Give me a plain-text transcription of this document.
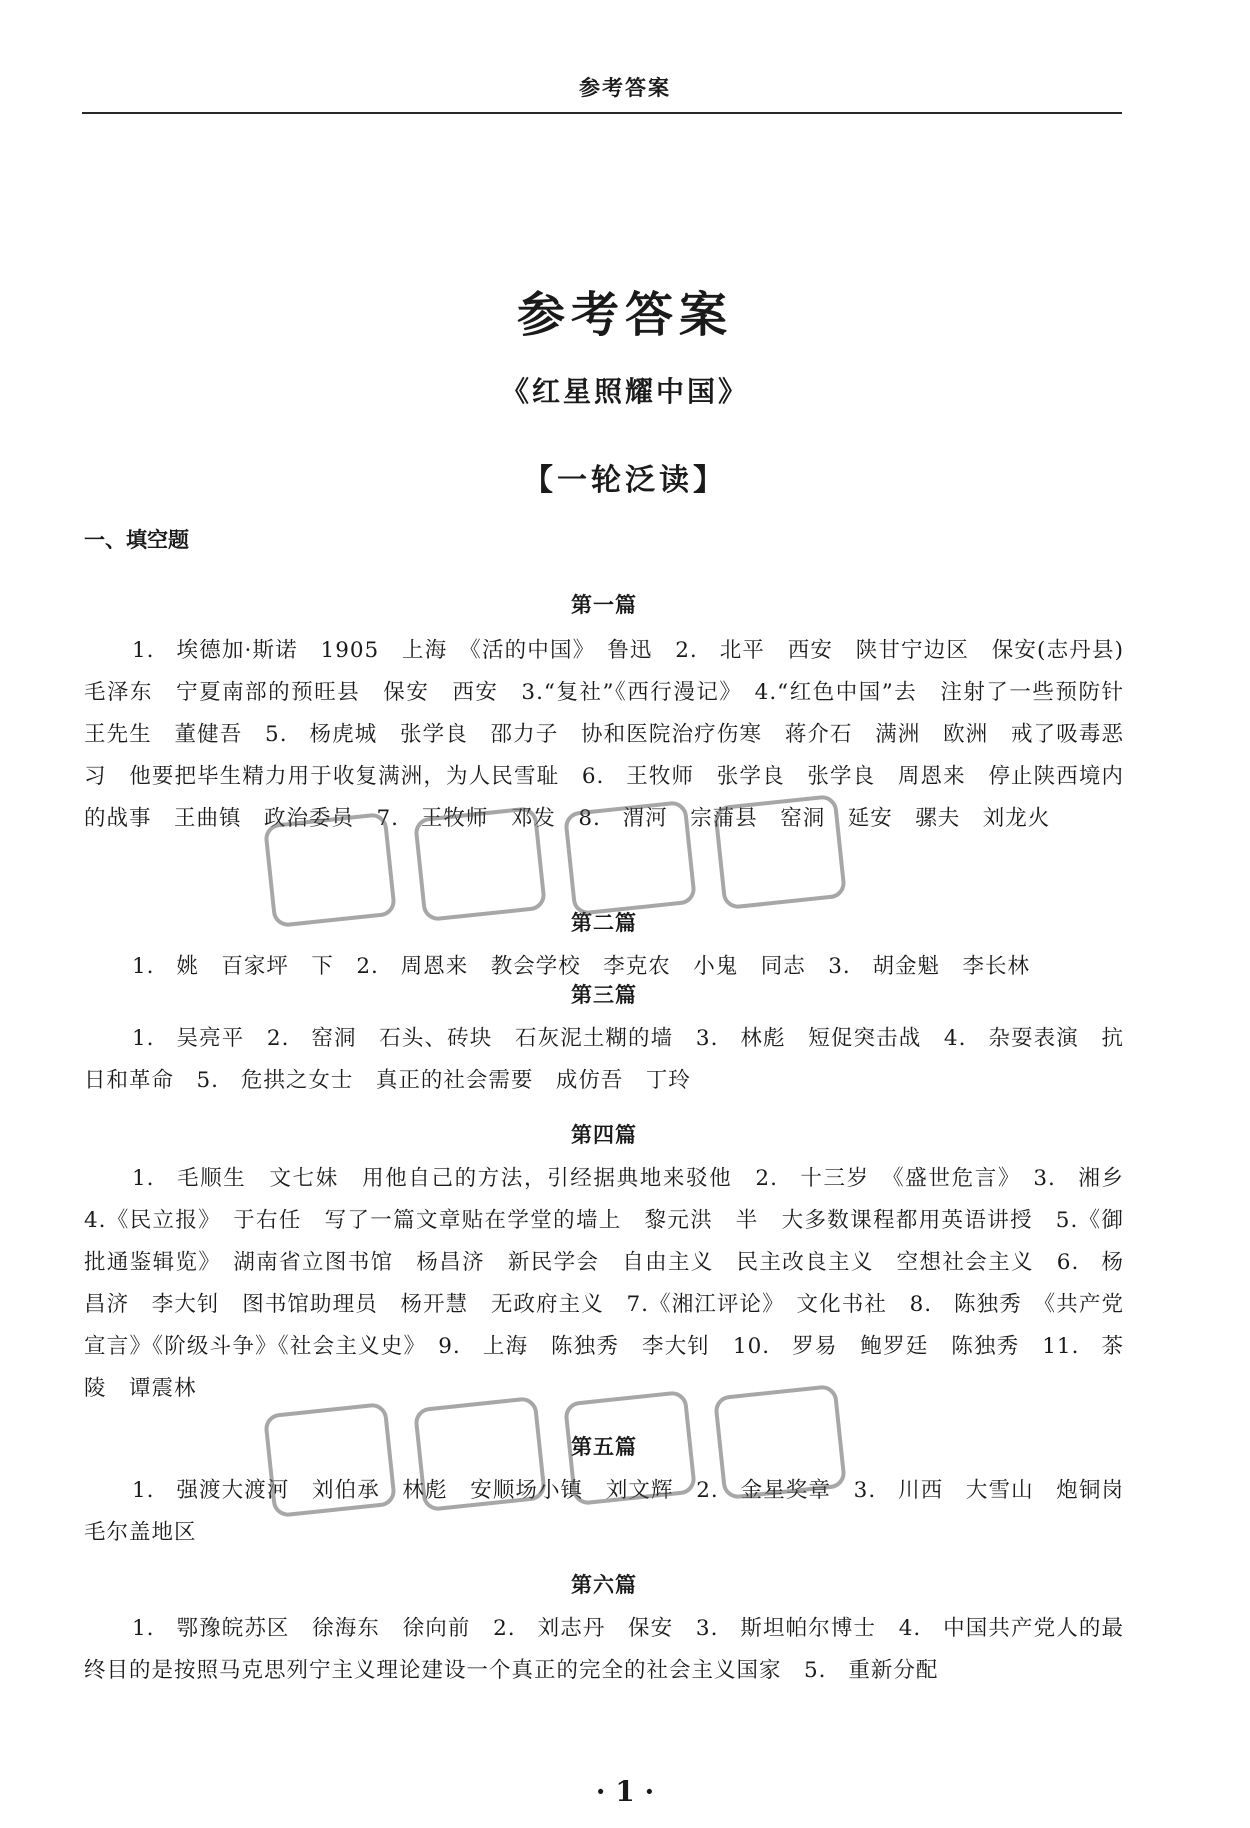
参考答案
参考答案
《红星照耀中国》
【一轮泛读】
一、填空题
第一篇

1. 埃德加·斯诺　1905　上海　《活的中国》　鲁迅　2. 北平　西安　陕甘宁边区　保安(志丹县)　毛泽东　宁夏南部的预旺县　保安　西安　3.“复社”《西行漫记》　4.“红色中国”去　注射了一些预防针　王先生　董健吾　5. 杨虎城　张学良　邵力子　协和医院治疗伤寒　蒋介石　满洲　欧洲　戒了吸毒恶习　他要把毕生精力用于收复满洲，为人民雪耻　6. 王牧师　张学良　张学良　周恩来　停止陕西境内的战事　王曲镇　政治委员　7. 王牧师　邓发　8. 渭河　宗蒲县　窑洞　延安　骡夫　刘龙火

第二篇

1. 姚　百家坪　下　2. 周恩来　教会学校　李克农　小鬼　同志　3. 胡金魁　李长林

第三篇

1. 吴亮平　2. 窑洞　石头、砖块　石灰泥土糊的墙　3. 林彪　短促突击战　4. 杂耍表演　抗日和革命　5. 危拱之女士　真正的社会需要　成仿吾　丁玲

第四篇

1. 毛顺生　文七妹　用他自己的方法，引经据典地来驳他　2. 十三岁　《盛世危言》　3. 湘乡　4.《民立报》　于右任　写了一篇文章贴在学堂的墙上　黎元洪　半　大多数课程都用英语讲授　5.《御批通鉴辑览》　湖南省立图书馆　杨昌济　新民学会　自由主义　民主改良主义　空想社会主义　6. 杨昌济　李大钊　图书馆助理员　杨开慧　无政府主义　7.《湘江评论》　文化书社　8. 陈独秀　《共产党宣言》《阶级斗争》《社会主义史》　9. 上海　陈独秀　李大钊　10. 罗易　鲍罗廷　陈独秀　11. 茶陵　谭震林

第五篇

1. 强渡大渡河　刘伯承　林彪　安顺场小镇　刘文辉　2. 金星奖章　3. 川西　大雪山　炮铜岗　毛尔盖地区

第六篇

1. 鄂豫皖苏区　徐海东　徐向前　2. 刘志丹　保安　3. 斯坦帕尔博士　4. 中国共产党人的最终目的是按照马克思列宁主义理论建设一个真正的完全的社会主义国家　5. 重新分配

· 1 ·
